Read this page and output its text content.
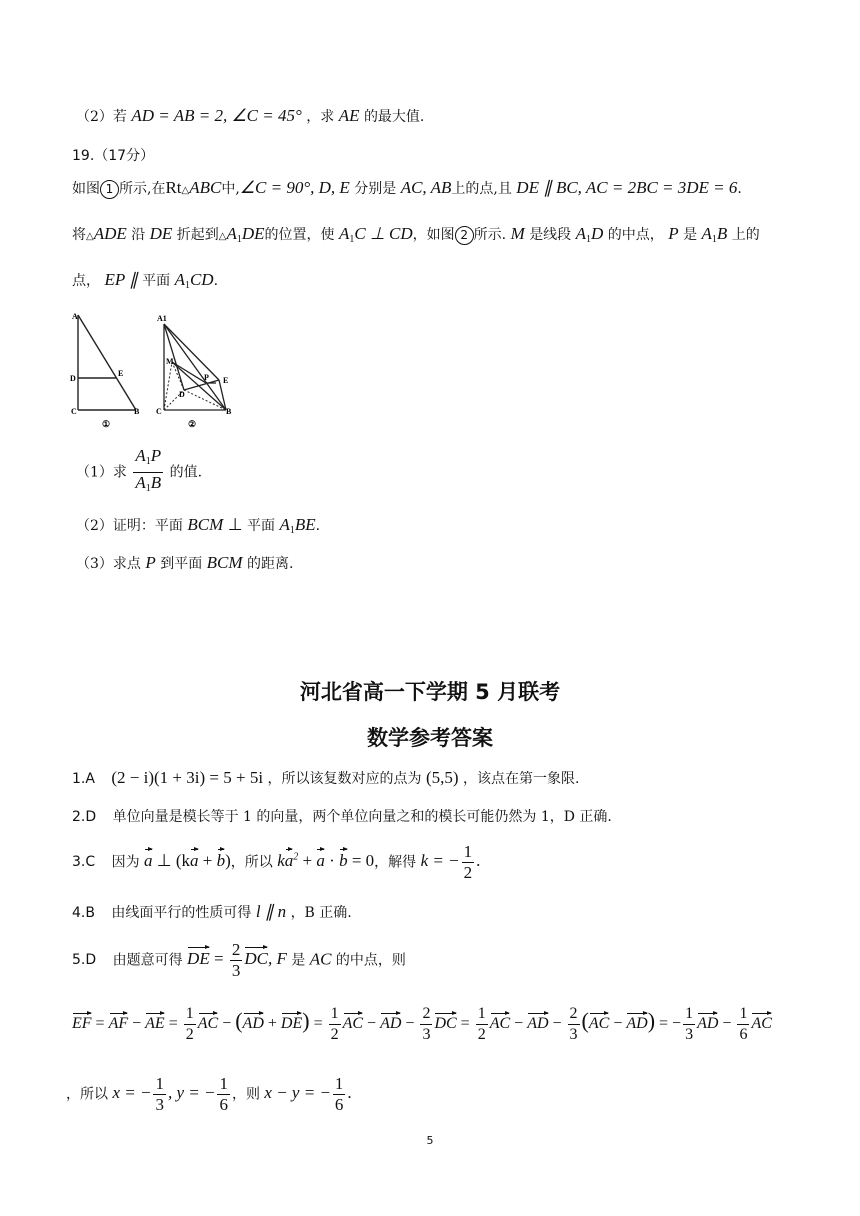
（2）若 AD = AB = 2, ∠C = 45° ，求 AE 的最大值.
19.（17分）
如图 1 所示,在Rt△ABC中,∠C = 90°, D, E 分别是 AC, AB上的点,且 DE ∥ BC, AC = 2BC = 3DE = 6.
将△ADE 沿 DE 折起到$\triangle A_1DE$的位置，使 $A_1C$ ⊥ CD，如图 2 所示. M 是线段 $A_1D$ 的中点， P 是 $A_1B$ 上的
点， EP ∥ 平面 $A_1CD$.
A
D
E
C	B
①
A1
M
P E
D
C	B
②
（1）求 $\frac{A_1P}{A_1B}$ 的值.
（2）证明：平面 BCM ⊥ 平面 $A_1BE$.
（3）求点 P 到平面 BCM 的距离.
河北省高一下学期 5 月联考
数学参考答案
1.A (2 − i)(1 + 3i) = 5 + 5i ，所以该复数对应的点为 (5,5) ，该点在第一象限.
2.D 单位向量是模长等于 1 的向量，两个单位向量之和的模长可能仍然为 1，D 正确.
3.C 因为 a ⊥ (ka + b)，所以 $ka^2 + a \cdot b = 0$，解得 k = − $\frac{1}{2}$ .
4.B 由线面平行的性质可得 l ∥ n ，B 正确.
5.D 由题意可得 DE = $\frac{2}{3}$ DC, F 是 AC 的中点，则
EF = AF − AE = $\frac{1}{2}$ AC − $(AD + DE) = \frac{1}{2}$ AC − AD − $\frac{2}{3}$ DC = $\frac{1}{2}$ AC − AD − $\frac{2}{3} (AC - AD)$ = − $\frac{1}{3}$ AD − $\frac{1}{6}$ AC
，所以 x = − $\frac{1}{3}$ , y = − $\frac{1}{6}$ ，则 x − y = − $\frac{1}{6}$ .
5
